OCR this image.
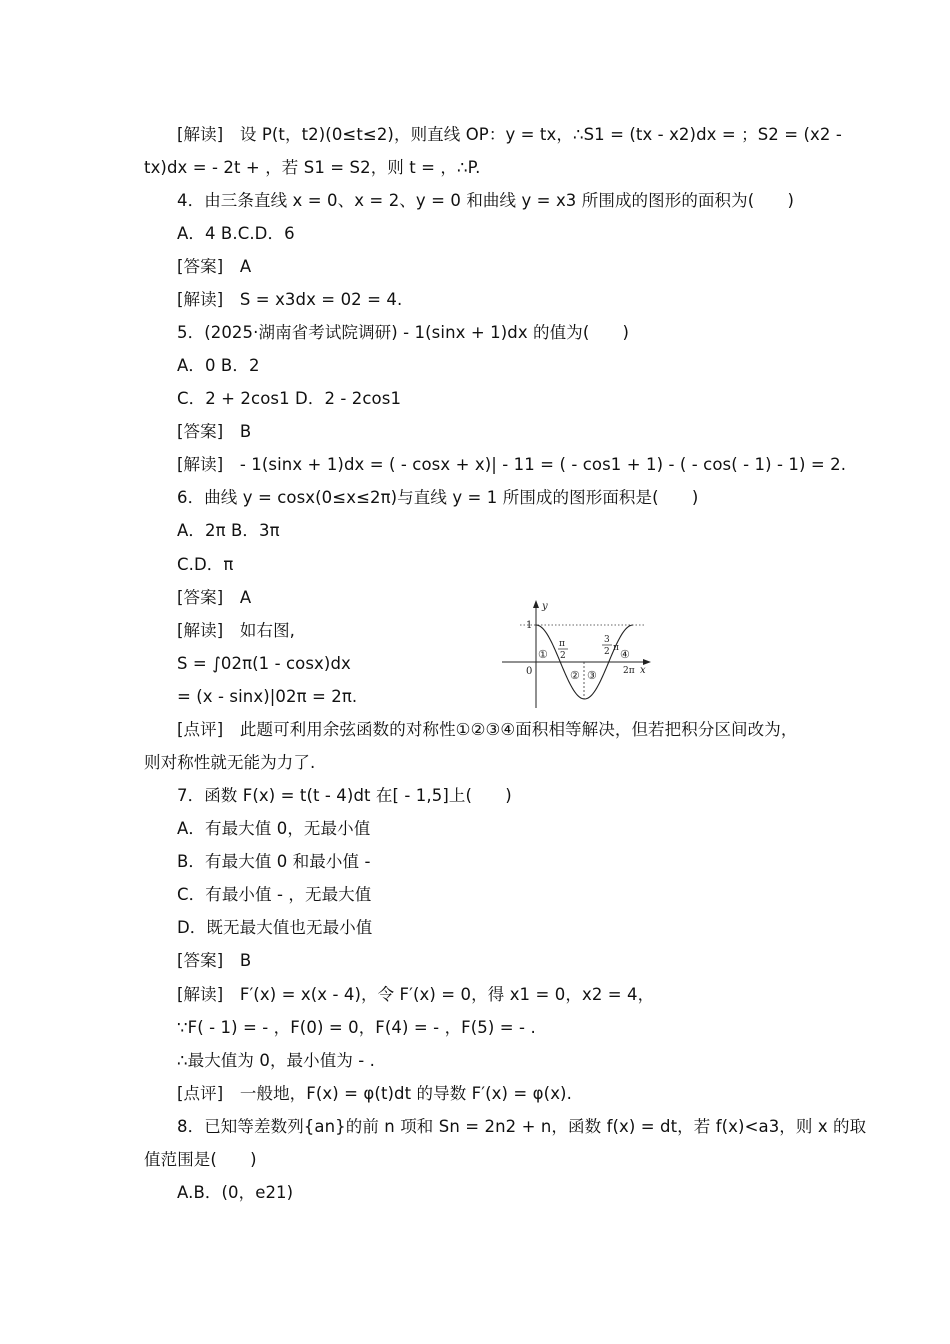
[解读]　设 P(t，t2)(0≤t≤2)，则直线 OP：y = tx，∴S1 = (tx - x2)dx = ；S2 = (x2 -
tx)dx = - 2t + ，若 S1 = S2，则 t = ，∴P.
4．由三条直线 x = 0、x = 2、y = 0 和曲线 y = x3 所围成的图形的面积为(　　)
A．4 B.C.D．6
[答案]　A
[解读]　S = x3dx = 02 = 4.
5．(2025·湖南省考试院调研) - 1(sinx + 1)dx 的值为(　　)
A．0 B．2
C．2 + 2cos1 D．2 - 2cos1
[答案]　B
[解读]　- 1(sinx + 1)dx = ( - cosx + x)| - 11 = ( - cos1 + 1) - ( - cos( - 1) - 1) = 2.
6．曲线 y = cosx(0≤x≤2π)与直线 y = 1 所围成的图形面积是(　　)
A．2π B．3π
C.D．π
[答案]　A
[解读]　如右图,
S = ∫02π(1 - cosx)dx
= (x - sinx)|02π = 2π.
[点评]　此题可利用余弦函数的对称性①②③④面积相等解决，但若把积分区间改为，
则对称性就无能为力了.
7．函数 F(x) = t(t - 4)dt 在[ - 1,5]上(　　)
A．有最大值 0，无最小值
B．有最大值 0 和最小值 -
C．有最小值 - ，无最大值
D．既无最大值也无最小值
[答案]　B
[解读]　F′(x) = x(x - 4)，令 F′(x) = 0，得 x1 = 0，x2 = 4，
∵F( - 1) = - ，F(0) = 0，F(4) = - ，F(5) = - .
∴最大值为 0，最小值为 - .
[点评]　一般地，F(x) = φ(t)dt 的导数 F′(x) = φ(x).
8．已知等差数列{an}的前 n 项和 Sn = 2n2 + n，函数 f(x) = dt，若 f(x)<a3，则 x 的取
值范围是(　　)
A.B．(0，e21)
y
1
0
π
2
3
2 π
2π x
①
② ③
④
